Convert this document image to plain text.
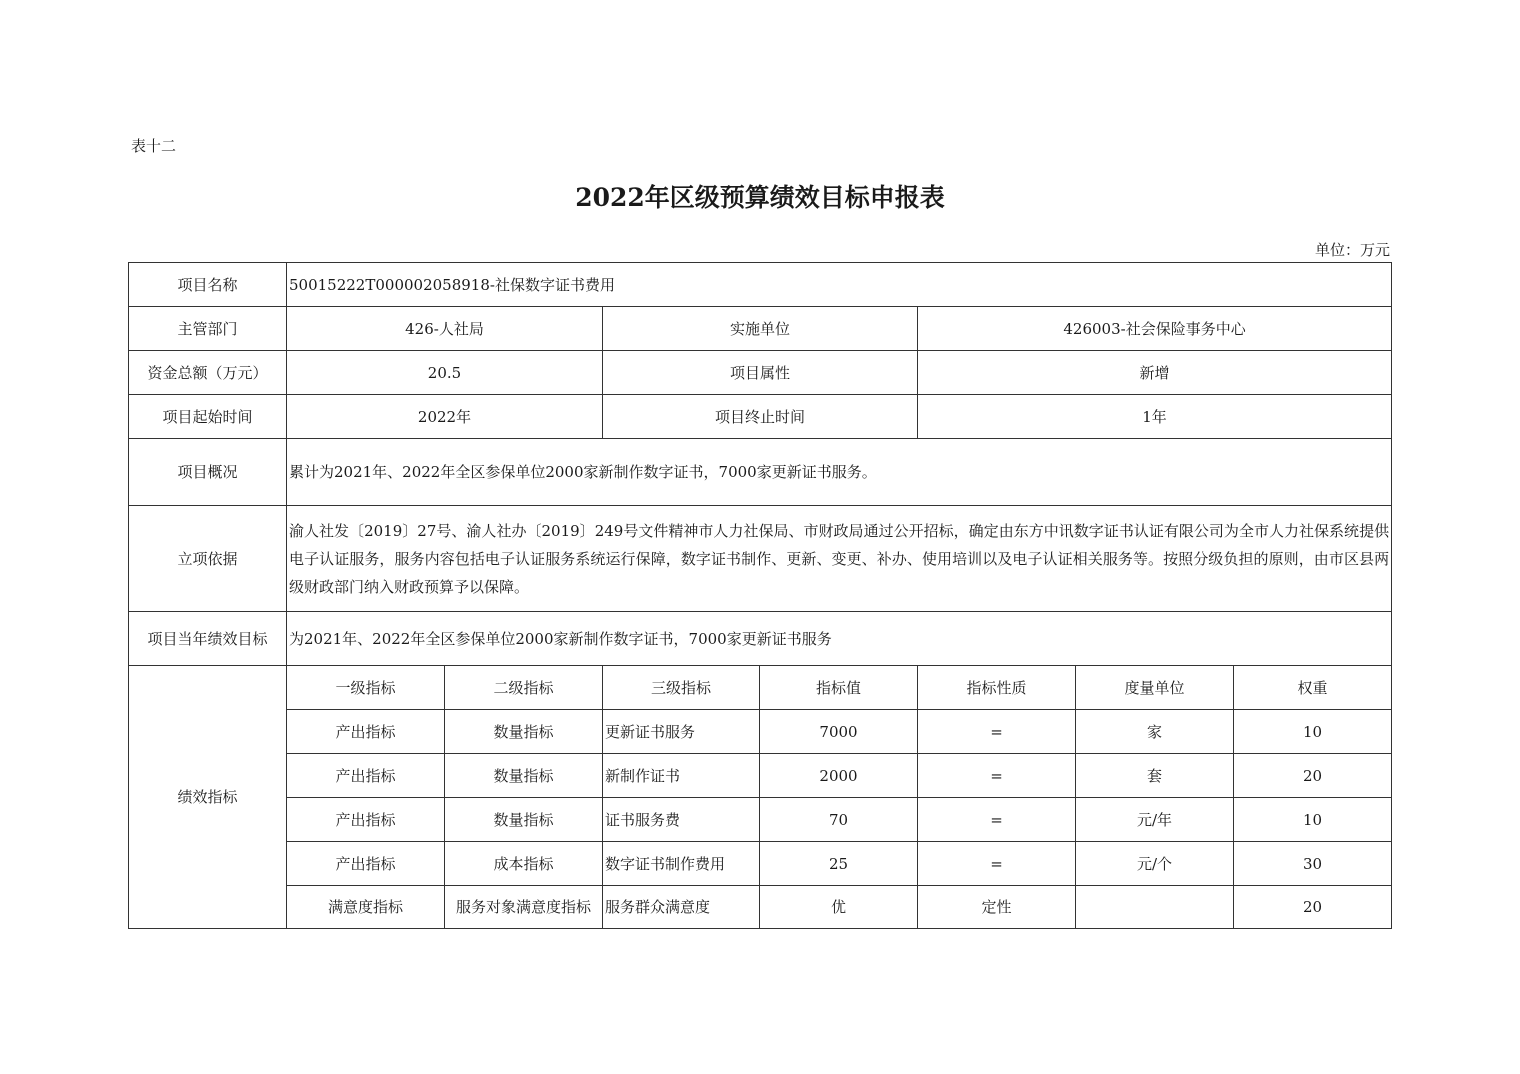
表十二
2022年区级预算绩效目标申报表
单位：万元
项目名称	50015222T000002058918-社保数字证书费用						
主管部门	426-人社局		实施单位		426003-社会保险事务中心		
资金总额（万元）	20.5		项目属性		新增		
项目起始时间	2022年		项目终止时间		1年		
项目概况	累计为2021年、2022年全区参保单位2000家新制作数字证书，7000家更新证书服务。						
立项依据	渝人社发〔2019〕27号、渝人社办〔2019〕249号文件精神市人力社保局、市财政局通过公开招标，确定由东方中讯数字证书认证有限公司为全市人力社保系统提供电子认证服务，服务内容包括电子认证服务系统运行保障，数字证书制作、更新、变更、补办、使用培训以及电子认证相关服务等。按照分级负担的原则，由市区县两级财政部门纳入财政预算予以保障。						
项目当年绩效目标	为2021年、2022年全区参保单位2000家新制作数字证书，7000家更新证书服务						
绩效指标	一级指标	二级指标	三级指标	指标值	指标性质	度量单位	权重
	产出指标	数量指标	更新证书服务	7000	=	家	10
	产出指标	数量指标	新制作证书	2000	=	套	20
	产出指标	数量指标	证书服务费	70	=	元/年	10
	产出指标	成本指标	数字证书制作费用	25	=	元/个	30
	满意度指标	服务对象满意度指标	服务群众满意度	优	定性		20
